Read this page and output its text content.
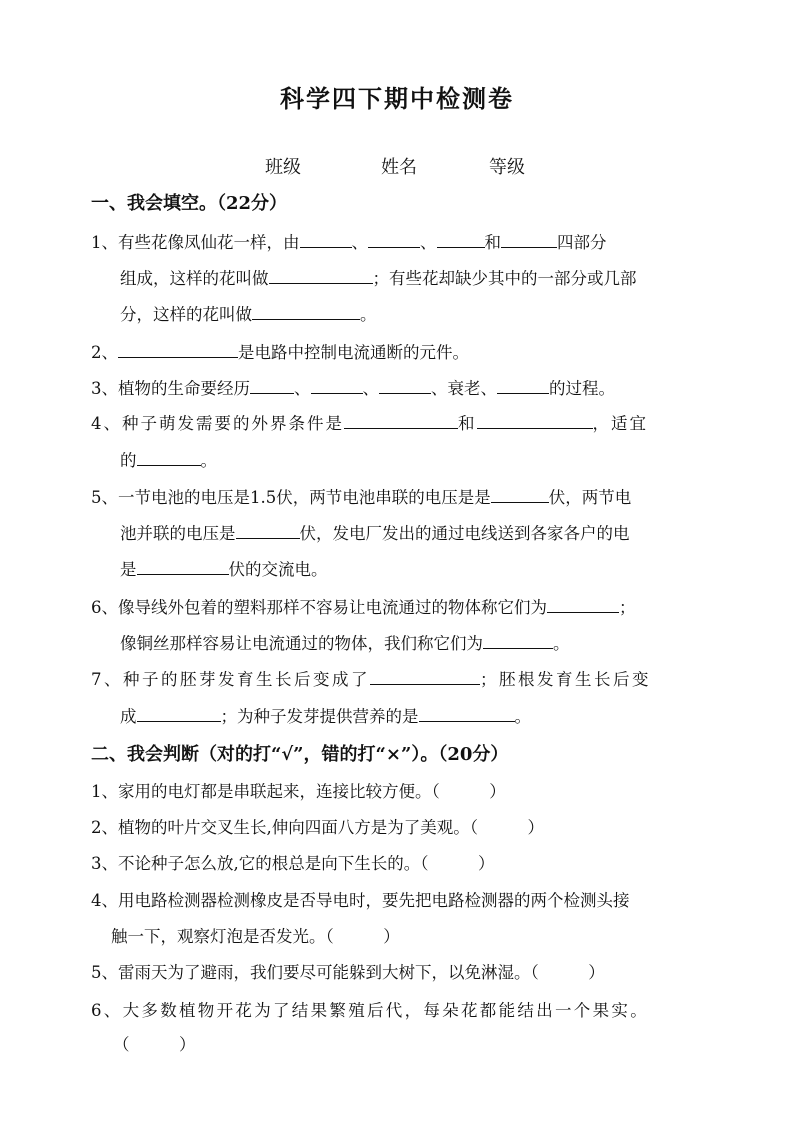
科学四下期中检测卷
班级	姓名	等级
一、我会填空。（22分）
1、有些花像凤仙花一样，由	、	、	和	四部分
组成，这样的花叫做	；有些花却缺少其中的一部分或几部
分，这样的花叫做	。
2、	是电路中控制电流通断的元件。
3、植物的生命要经历	、	、	、衰老、	的过程。
4、种子萌发需要的外界条件是	和	，适宜
的	。
5、一节电池的电压是1.5伏，两节电池串联的电压是是	伏，两节电
池并联的电压是	伏，发电厂发出的通过电线送到各家各户的电
是	伏的交流电。
6、像导线外包着的塑料那样不容易让电流通过的物体称它们为	；
像铜丝那样容易让电流通过的物体，我们称它们为	。
7、种子的胚芽发育生长后变成了	；胚根发育生长后变
成	；为种子发芽提供营养的是	。
二、我会判断（对的打“√”，错的打“×”）。（20分）
1、家用的电灯都是串联起来，连接比较方便。（　　　）
2、植物的叶片交叉生长,伸向四面八方是为了美观。（　　　）
3、不论种子怎么放,它的根总是向下生长的。（　　　）
4、用电路检测器检测橡皮是否导电时，要先把电路检测器的两个检测头接
触一下，观察灯泡是否发光。（　　　）
5、雷雨天为了避雨，我们要尽可能躲到大树下，以免淋湿。（　　　）
6、大多数植物开花为了结果繁殖后代，每朵花都能结出一个果实。
（　　　）
